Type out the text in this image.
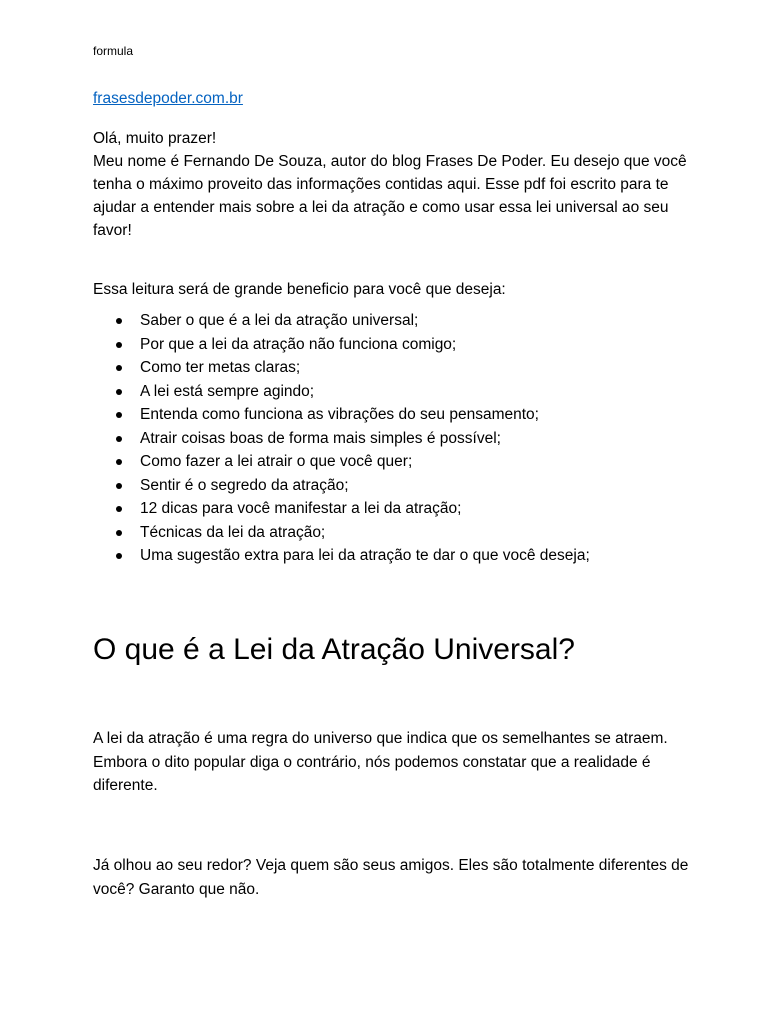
formula
frasesdepoder.com.br

Olá, muito prazer!

Meu nome é Fernando De Souza, autor do blog Frases De Poder. Eu desejo que você tenha o máximo proveito das informações contidas aqui. Esse pdf foi escrito para te ajudar a entender mais sobre a lei da atração e como usar essa lei universal ao seu favor!

Essa leitura será de grande beneficio para você que deseja:

Saber o que é a lei da atração universal;
Por que a lei da atração não funciona comigo;
Como ter metas claras;
A lei está sempre agindo;
Entenda como funciona as vibrações do seu pensamento;
Atrair coisas boas de forma mais simples é possível;
Como fazer a lei atrair o que você quer;
Sentir é o segredo da atração;
12 dicas para você manifestar a lei da atração;
Técnicas da lei da atração;
Uma sugestão extra para lei da atração te dar o que você deseja;
O que é a Lei da Atração Universal?

A lei da atração é uma regra do universo que indica que os semelhantes se atraem. Embora o dito popular diga o contrário, nós podemos constatar que a realidade é diferente.

Já olhou ao seu redor? Veja quem são seus amigos. Eles são totalmente diferentes de você? Garanto que não.
